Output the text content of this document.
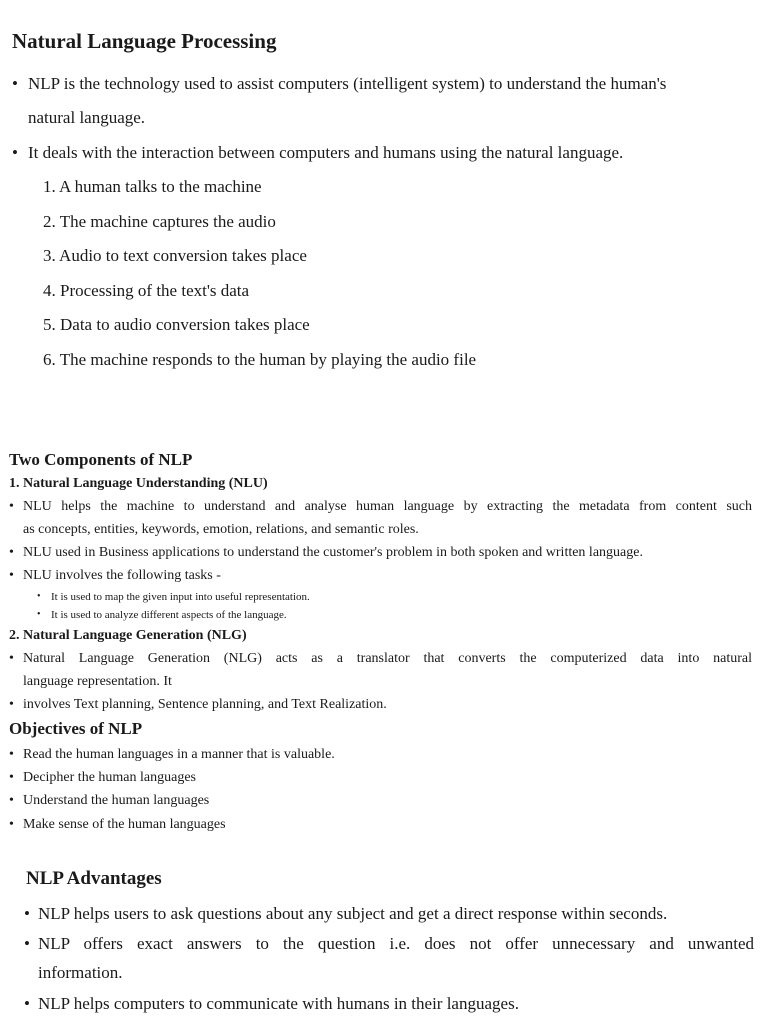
Natural Language Processing
• NLP is the technology used to assist computers (intelligent system) to understand the human's
natural language.
• It deals with the interaction between computers and humans using the natural language.
1. A human talks to the machine
2. The machine captures the audio
3. Audio to text conversion takes place
4. Processing of the text's data
5. Data to audio conversion takes place
6. The machine responds to the human by playing the audio file
Two Components of NLP
1. Natural Language Understanding (NLU)
• NLU helps the machine to understand and analyse human language by extracting the metadata from content such
as concepts, entities, keywords, emotion, relations, and semantic roles.
• NLU used in Business applications to understand the customer's problem in both spoken and written language.
• NLU involves the following tasks -
• It is used to map the given input into useful representation.
• It is used to analyze different aspects of the language.
2. Natural Language Generation (NLG)
• Natural Language Generation (NLG) acts as a translator that converts the computerized data into natural
language representation. It
• involves Text planning, Sentence planning, and Text Realization.
Objectives of NLP
• Read the human languages in a manner that is valuable.
• Decipher the human languages
• Understand the human languages
• Make sense of the human languages
NLP Advantages
• NLP helps users to ask questions about any subject and get a direct response within seconds.
• NLP offers exact answers to the question i.e. does not offer unnecessary and unwanted
information.
• NLP helps computers to communicate with humans in their languages.
